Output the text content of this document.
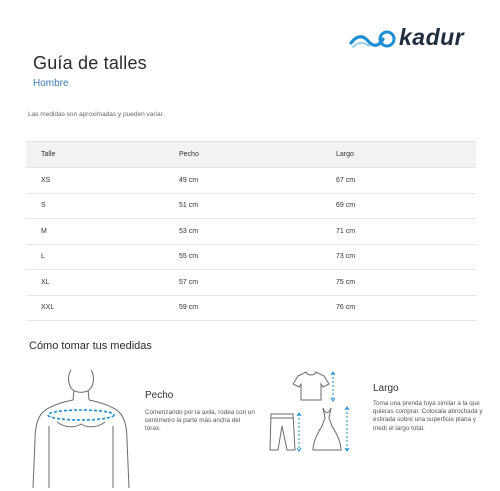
Guía de talles
Hombre
Las medidas son aproximadas y pueden variar.
kadur
Talle	Pecho	Largo
XS	49 cm	67 cm
S	51 cm	69 cm
M	53 cm	71 cm
L	55 cm	73 cm
XL	57 cm	75 cm
XXL	59 cm	76 cm
Cómo tomar tus medidas
Pecho
Comenzando por la axila, rodea con un centímetro la parte más ancha del tórax.
Largo
Toma una prenda tuya similar a la que quieras comprar. Colocala abrochada y estirada sobre una superficie plana y medí el largo total.
